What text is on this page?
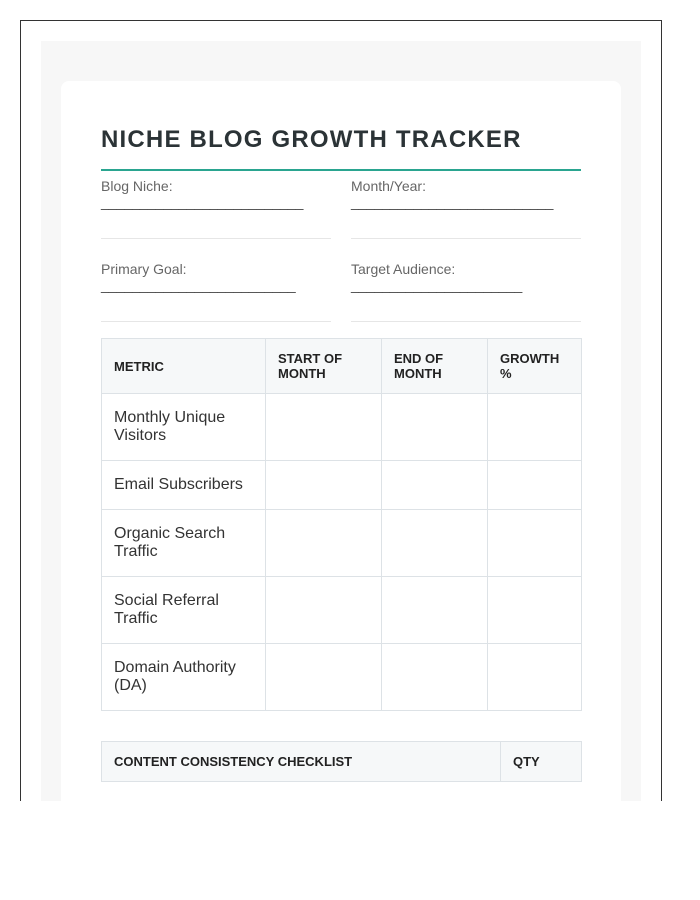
NICHE BLOG GROWTH TRACKER
Blog Niche:
__________________________
Month/Year:
__________________________
Primary Goal:
_________________________
Target Audience:
______________________
METRIC	START OF MONTH	END OF MONTH	GROWTH %
Monthly Unique Visitors			
Email Subscribers			
Organic Search Traffic			
Social Referral Traffic			
Domain Authority (DA)			
CONTENT CONSISTENCY CHECKLIST	QTY
